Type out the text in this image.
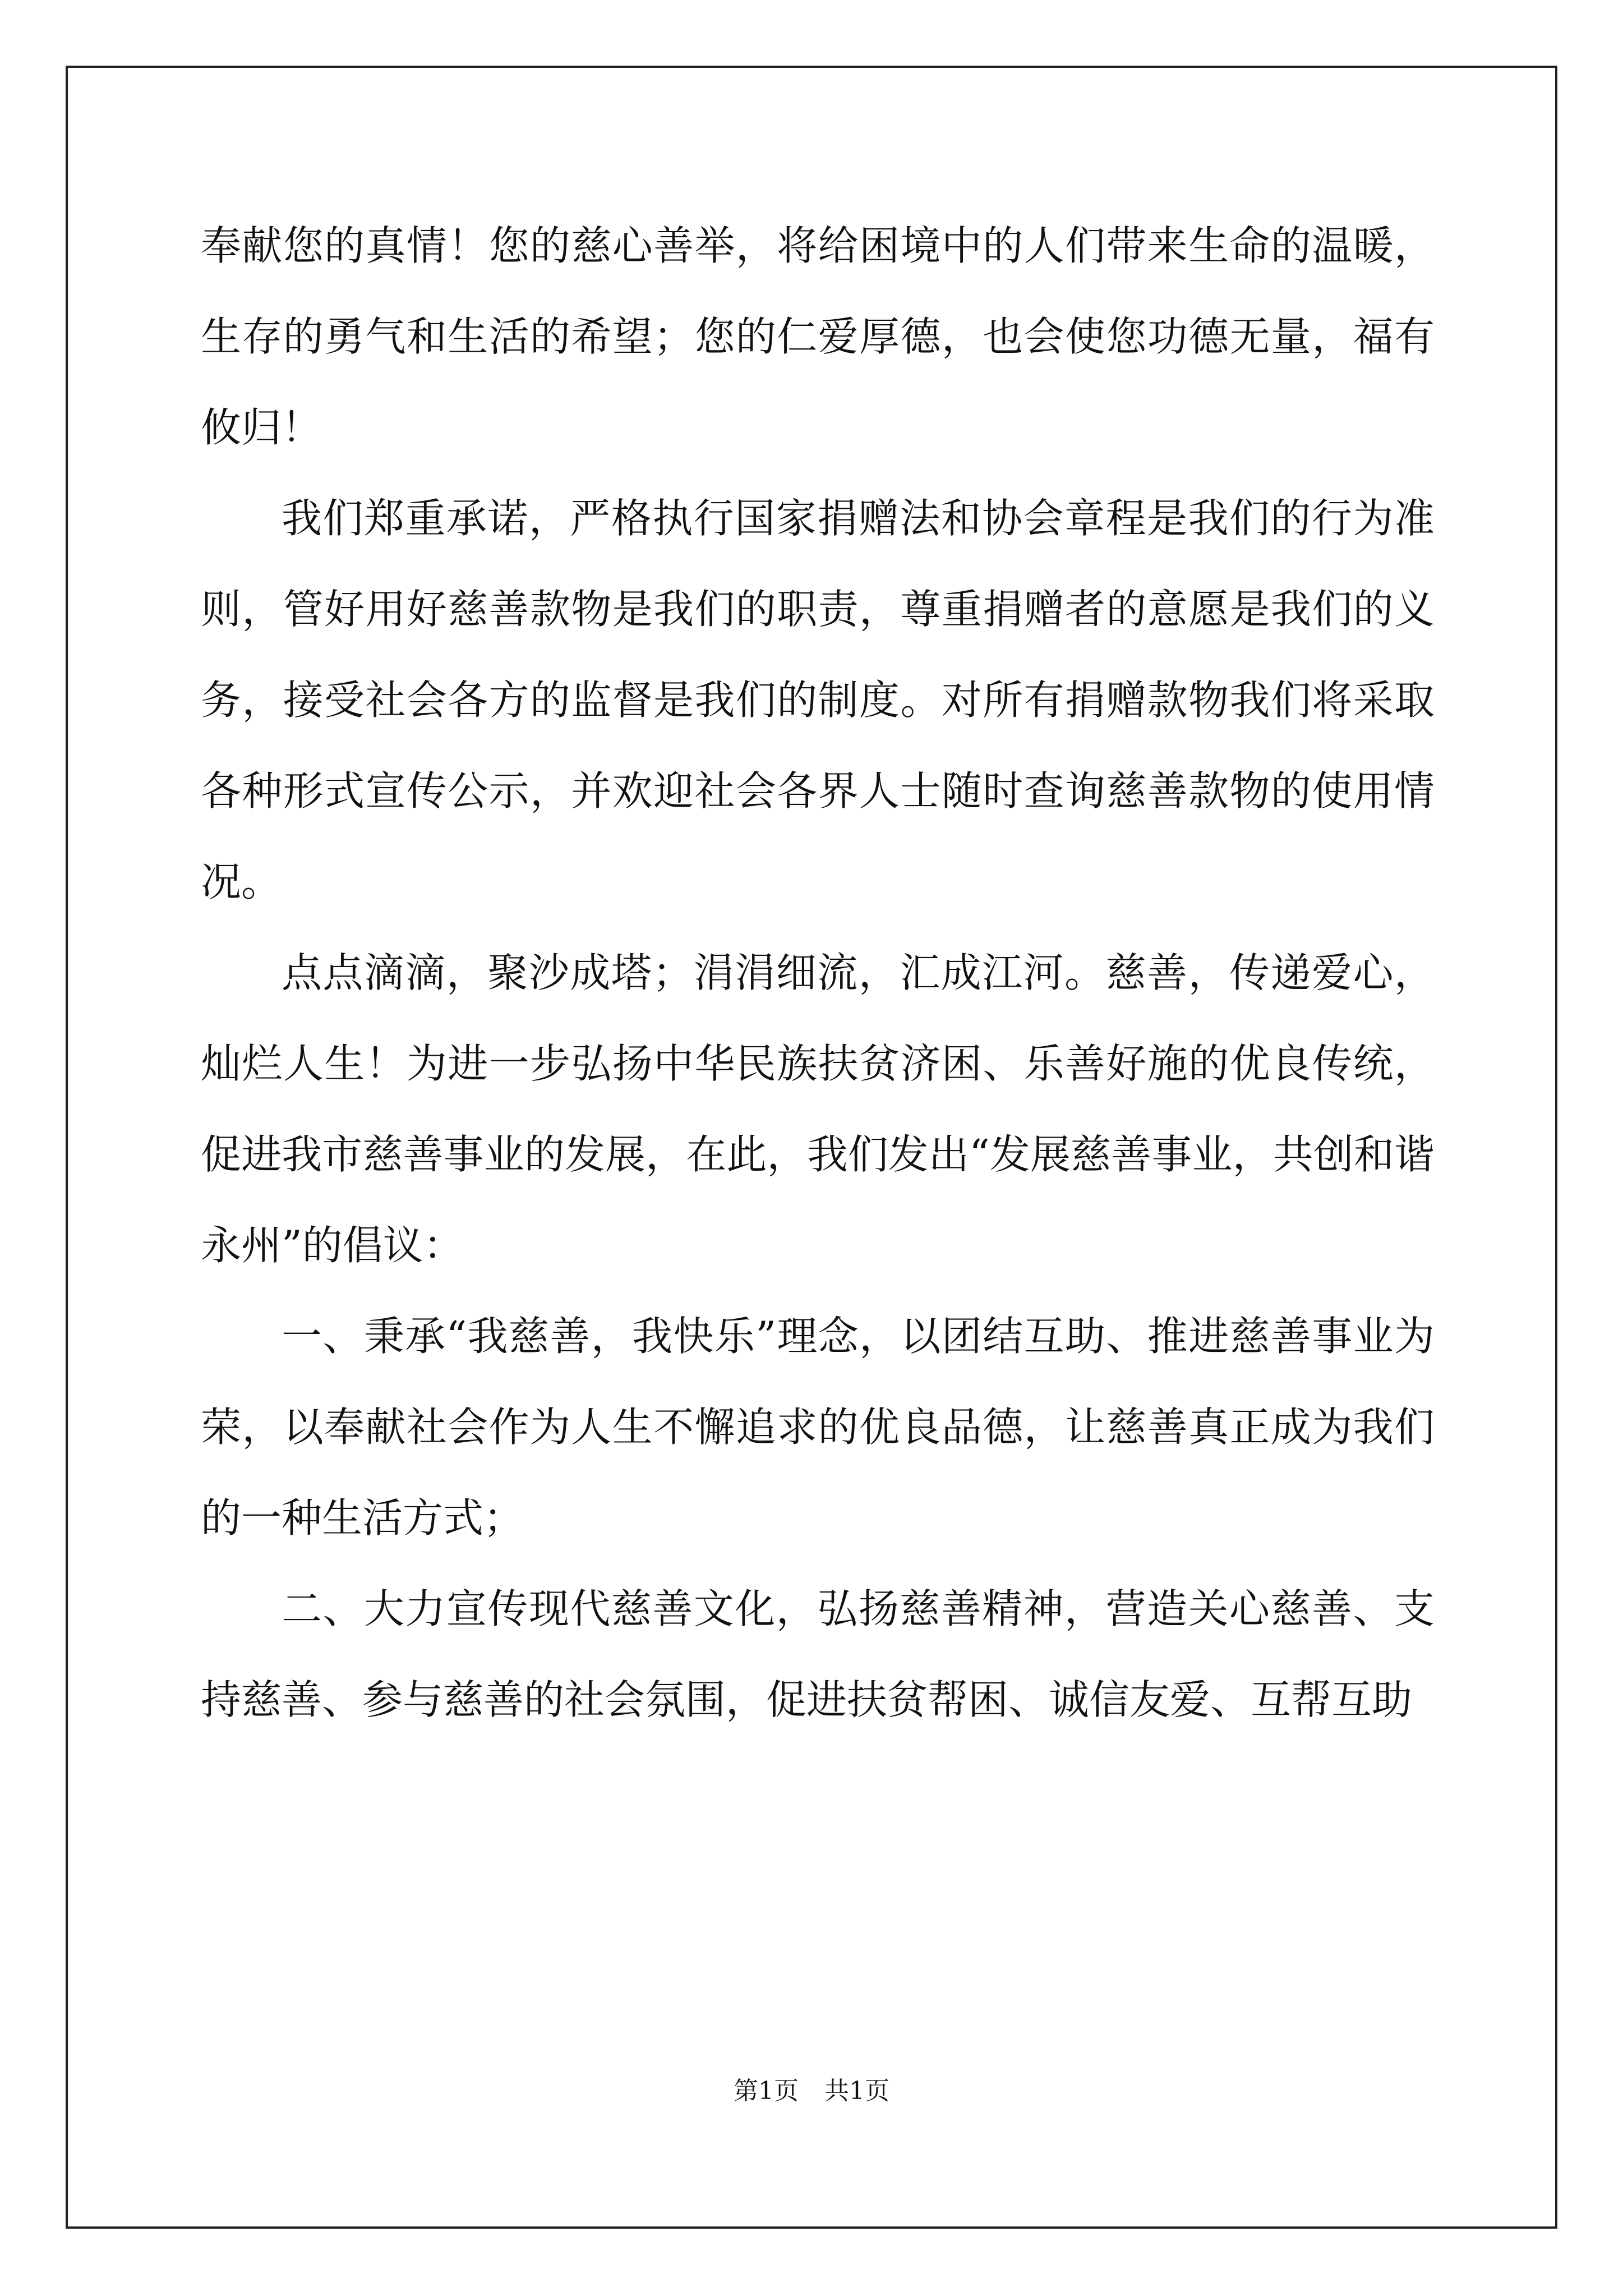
奉献您的真情！您的慈心善举，将给困境中的人们带来生命的温暖，生存的勇气和生活的希望；您的仁爱厚德，也会使您功德无量，福有攸归！

我们郑重承诺，严格执行国家捐赠法和协会章程是我们的行为准则，管好用好慈善款物是我们的职责，尊重捐赠者的意愿是我们的义务，接受社会各方的监督是我们的制度。对所有捐赠款物我们将采取各种形式宣传公示，并欢迎社会各界人士随时查询慈善款物的使用情况。

点点滴滴，聚沙成塔；涓涓细流，汇成江河。慈善，传递爱心，灿烂人生！为进一步弘扬中华民族扶贫济困、乐善好施的优良传统，促进我市慈善事业的发展，在此，我们发出“发展慈善事业，共创和谐永州”的倡议：

一、秉承“我慈善，我快乐”理念，以团结互助、推进慈善事业为荣，以奉献社会作为人生不懈追求的优良品德，让慈善真正成为我们的一种生活方式；

二、大力宣传现代慈善文化，弘扬慈善精神，营造关心慈善、支持慈善、参与慈善的社会氛围，促进扶贫帮困、诚信友爱、互帮互助

第1页 共1页
